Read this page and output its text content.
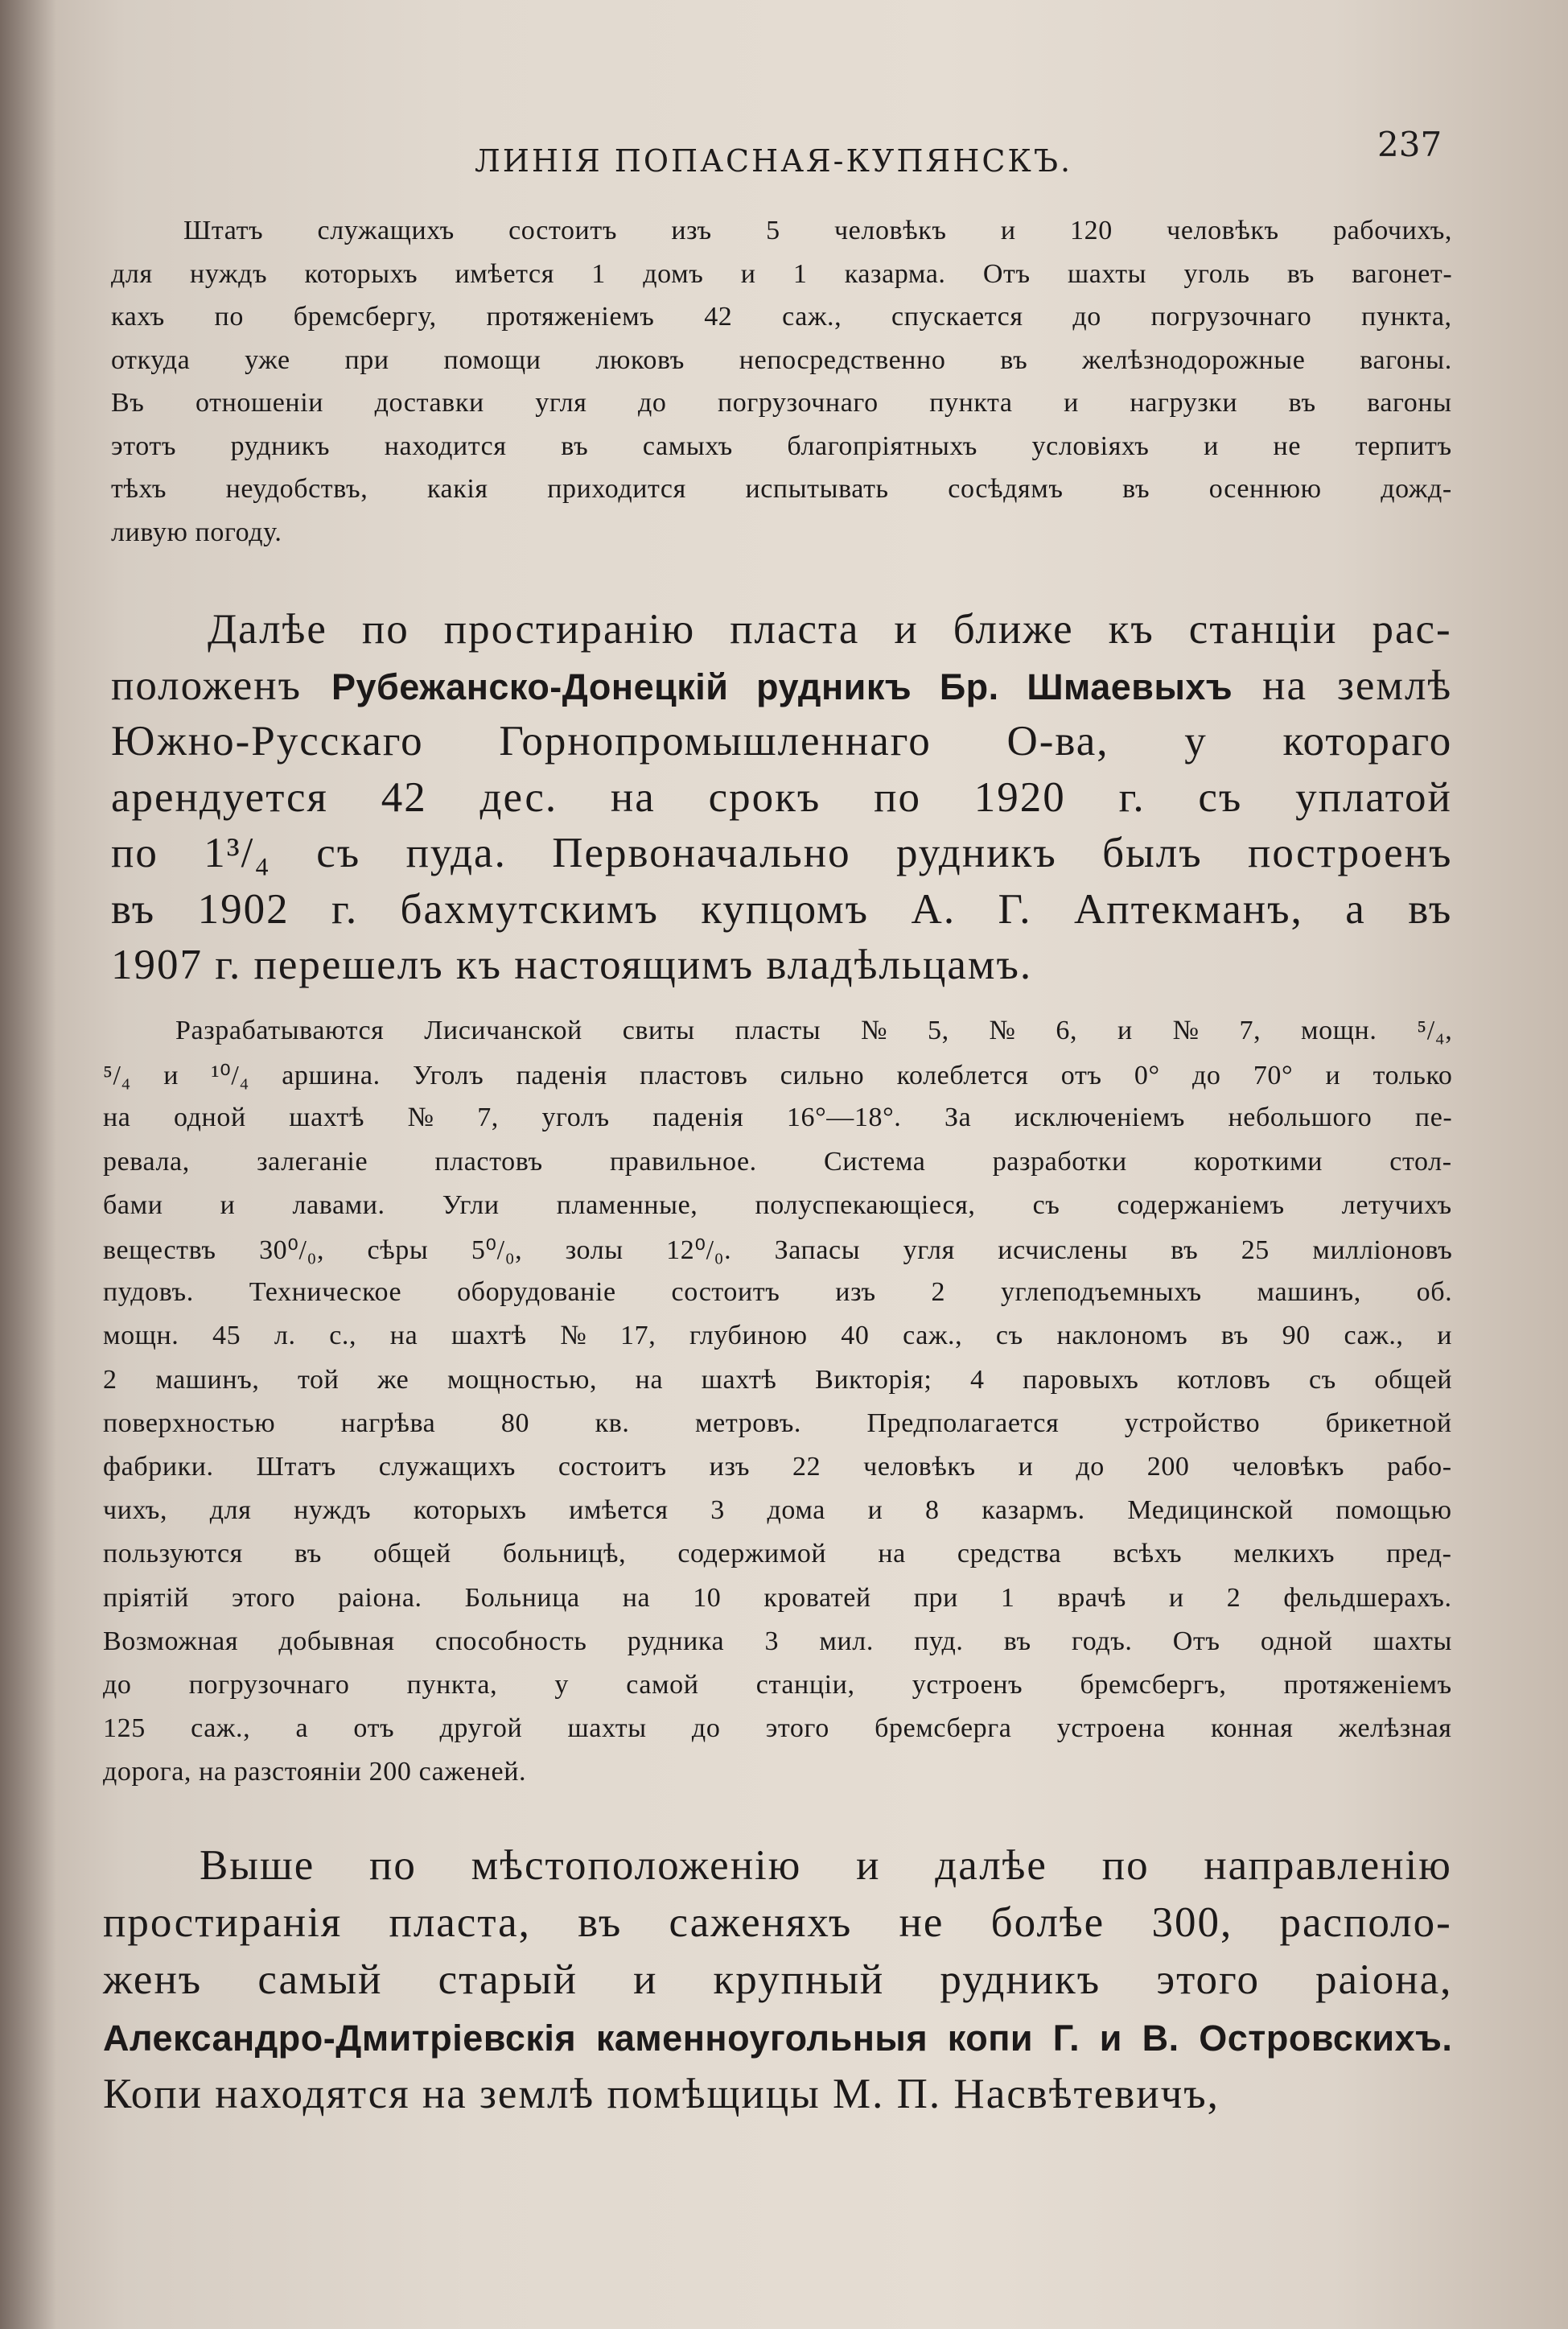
ЛИНІЯ ПОПАСНАЯ-КУПЯНСКЪ.	237
Штатъ служащихъ состоитъ изъ 5 человѣкъ и 120 человѣкъ рабочихъ,
для нуждъ которыхъ имѣется 1 домъ и 1 казарма. Отъ шахты уголь въ вагонет-
кахъ по бремсбергу, протяженіемъ 42 саж., спускается до погрузочнаго пункта,
откуда уже при помощи люковъ непосредственно въ желѣзнодорожные вагоны.
Въ отношеніи доставки угля до погрузочнаго пункта и нагрузки въ вагоны
этотъ рудникъ находится въ самыхъ благопріятныхъ условіяхъ и не терпитъ
тѣхъ неудобствъ, какія приходится испытывать сосѣдямъ въ осеннюю дожд-
ливую погоду.
Далѣе по простиранію пласта и ближе къ станціи рас-
положенъ Рубежанско-Донецкій рудникъ Бр. Шмаевыхъ на землѣ
Южно-Русскаго Горнопромышленнаго О-ва, у котораго
арендуется 42 дес. на срокъ по 1920 г. съ уплатой
по 1³/₄ съ пуда. Первоначально рудникъ былъ построенъ
въ 1902 г. бахмутскимъ купцомъ А. Г. Аптекманъ, а въ
1907 г. перешелъ къ настоящимъ владѣльцамъ.
Разрабатываются Лисичанской свиты пласты № 5, № 6, и № 7, мощн. ⁵/₄,
⁵/₄ и ¹⁰/₄ аршина. Уголъ паденія пластовъ сильно колеблется отъ 0° до 70° и только
на одной шахтѣ № 7, уголъ паденія 16°—18°. За исключеніемъ небольшого пе-
ревала, залеганіе пластовъ правильное. Система разработки короткими стол-
бами и лавами. Угли пламенные, полуспекающіеся, съ содержаніемъ летучихъ
веществъ 30⁰/₀, сѣры 5⁰/₀, золы 12⁰/₀. Запасы угля исчислены въ 25 милліоновъ
пудовъ. Техническое оборудованіе состоитъ изъ 2 углеподъемныхъ машинъ, об.
мощн. 45 л. с., на шахтѣ № 17, глубиною 40 саж., съ наклономъ въ 90 саж., и
2 машинъ, той же мощностью, на шахтѣ Викторія; 4 паровыхъ котловъ съ общей
поверхностью нагрѣва 80 кв. метровъ. Предполагается устройство брикетной
фабрики. Штатъ служащихъ состоитъ изъ 22 человѣкъ и до 200 человѣкъ рабо-
чихъ, для нуждъ которыхъ имѣется 3 дома и 8 казармъ. Медицинской помощью
пользуются въ общей больницѣ, содержимой на средства всѣхъ мелкихъ пред-
пріятій этого раіона. Больница на 10 кроватей при 1 врачѣ и 2 фельдшерахъ.
Возможная добывная способность рудника 3 мил. пуд. въ годъ. Отъ одной шахты
до погрузочнаго пункта, у самой станціи, устроенъ бремсбергъ, протяженіемъ
125 саж., а отъ другой шахты до этого бремсберга устроена конная желѣзная
дорога, на разстояніи 200 саженей.
Выше по мѣстоположенію и далѣе по направленію
простиранія пласта, въ саженяхъ не болѣе 300, располо-
женъ самый старый и крупный рудникъ этого раіона,
Александро-Дмитріевскія каменноугольныя копи Г. и В. Островскихъ.
Копи находятся на землѣ помѣщицы М. П. Насвѣтевичъ,
